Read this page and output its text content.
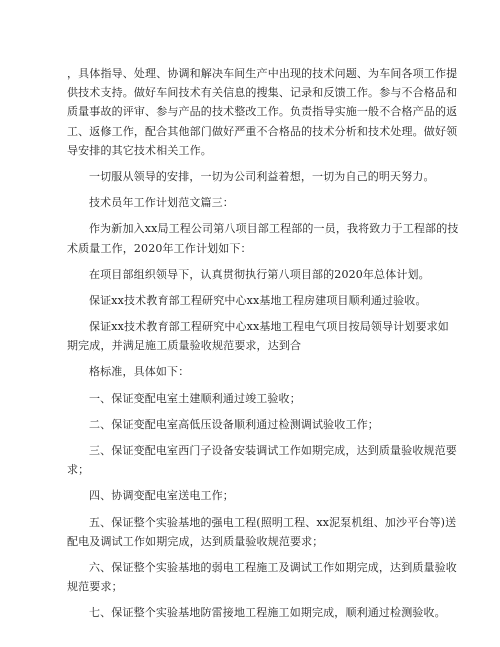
，具体指导、处理、协调和解决车间生产中出现的技术问题、为车间各项工作提
供技术支持。做好车间技术有关信息的搜集、记录和反馈工作。参与不合格品和
质量事故的评审、参与产品的技术整改工作。负责指导实施一般不合格产品的返
工、返修工作，配合其他部门做好严重不合格品的技术分析和技术处理。做好领
导安排的其它技术相关工作。
一切服从领导的安排，一切为公司利益着想，一切为自己的明天努力。
技术员年工作计划范文篇三：
作为新加入xx局工程公司第八项目部工程部的一员，我将致力于工程部的技
术质量工作，2020年工作计划如下：
在项目部组织领导下，认真贯彻执行第八项目部的2020年总体计划。
保证xx技术教育部工程研究中心xx基地工程房建项目顺利通过验收。
保证xx技术教育部工程研究中心xx基地工程电气项目按局领导计划要求如
期完成，并满足施工质量验收规范要求，达到合
格标准，具体如下：
一、保证变配电室土建顺利通过竣工验收；
二、保证变配电室高低压设备顺利通过检测调试验收工作；
三、保证变配电室西门子设备安装调试工作如期完成，达到质量验收规范要
求；
四、协调变配电室送电工作；
五、保证整个实验基地的强电工程(照明工程、xx泥泵机组、加沙平台等)送
配电及调试工作如期完成，达到质量验收规范要求；
六、保证整个实验基地的弱电工程施工及调试工作如期完成，达到质量验收
规范要求；
七、保证整个实验基地防雷接地工程施工如期完成，顺利通过检测验收。
